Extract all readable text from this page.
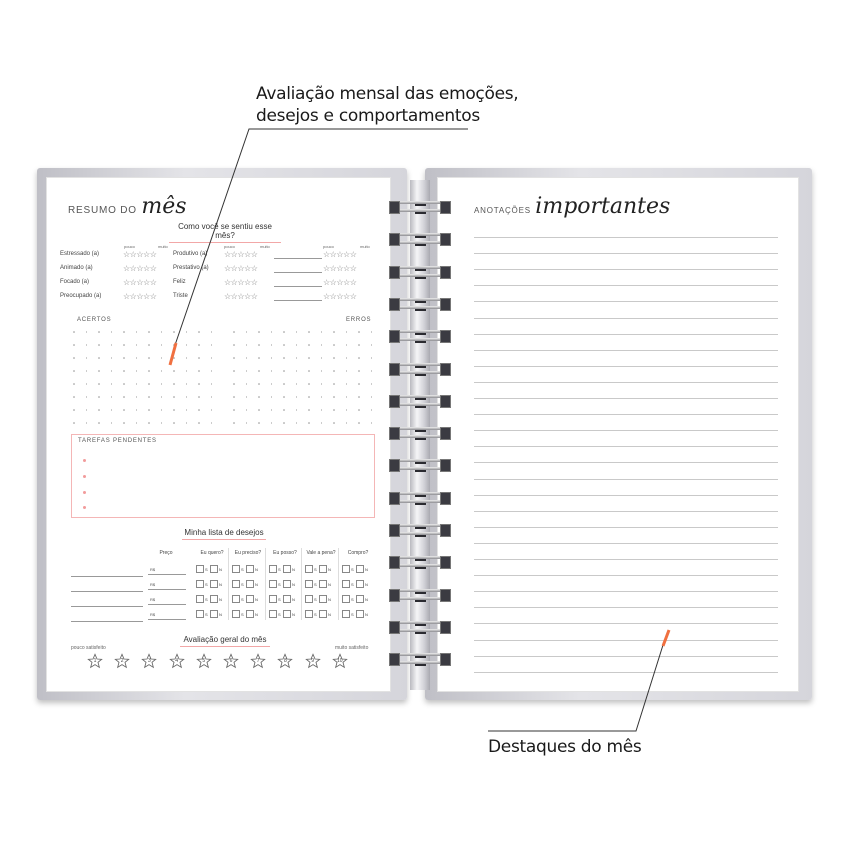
Avaliação mensal das emoções,
desejos e comportamentos
Destaques do mês
RESUMO DO mês
Como você se sentiu esse mês?
pouco	muito	pouco	muito	pouco	muito
Estressado (a)	☆☆☆☆☆	Produtivo (a) ☆☆☆☆☆	☆☆☆☆☆
Animado (a)	☆☆☆☆☆	Prestativo (a) ☆☆☆☆☆	☆☆☆☆☆
Focado (a)	☆☆☆☆☆	Feliz	☆☆☆☆☆	☆☆☆☆☆
Preocupado (a)	☆☆☆☆☆	Triste	☆☆☆☆☆	☆☆☆☆☆
ACERTOS	ERROS
TAREFAS PENDENTES
Minha lista de desejos
Preço	Eu quero?	Eu preciso?	Eu posso?	Vale a pena?	Compro?
R$	S	N	S	N	S	N	S	N	S	N
R$	S	N	S	N	S	N	S	N	S	N
R$	S	N	S	N	S	N	S	N	S	N
R$	S	N	S	N	S	N	S	N	S	N
Avaliação geral do mês
pouco satisfeito	muito satisfeito
1	2	3	4	5	6	7	8	9	10
ANOTAÇÕES importantes
